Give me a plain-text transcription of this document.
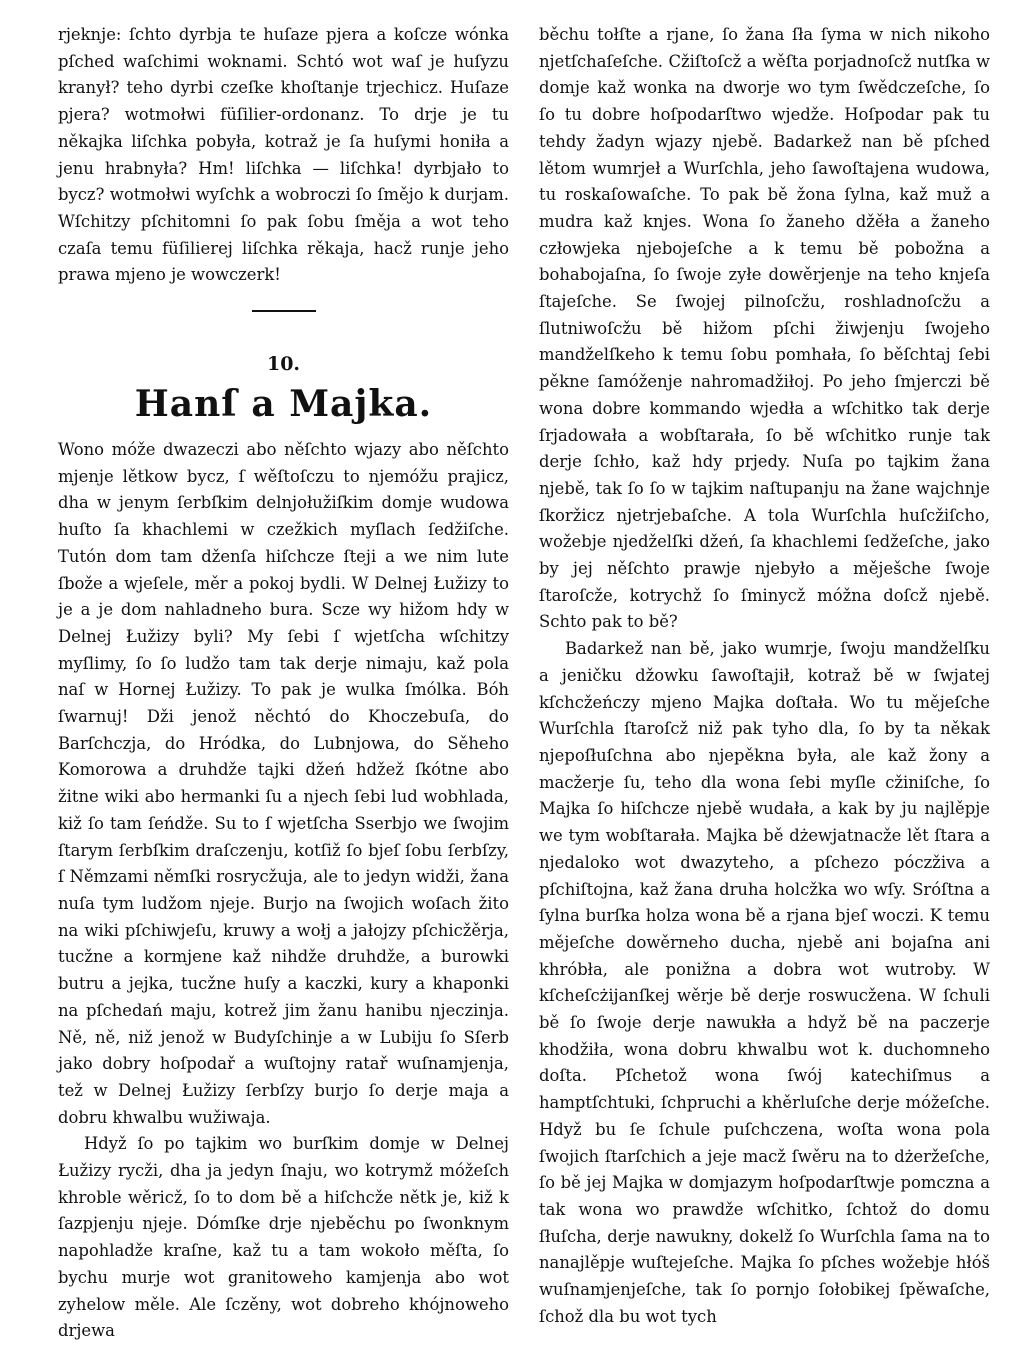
rjeknje: ſchto dyrbja te huſaze pjera a koſcze wónka pſched waſchimi woknami. Schtó wot waſ je huſyzu kranył? teho dyrbi czeſke khoſtanje trjechicz. Huſaze pjera? wotmołwi füſilier-ordonanz. To drje je tu někajka liſchka pobyła, kotraž je ſa huſymi honiła a jenu hrabnyła? Hm! liſchka — liſchka! dyrbjało to bycz? wotmołwi wyſchk a wobroczi ſo ſmějo k durjam. Wſchitzy pſchitomni ſo pak ſobu ſměja a wot teho czaſa temu füſilierej liſchka rěkaja, hacž runje jeho prawa mjeno je wowczerk!

10.
Hanſ a Majka.

Wono móže dwazeczi abo něſchto wjazy abo něſchto mjenje lětkow bycz, ſ wěſtoſczu to njemóžu prajicz, dha w jenym ſerbſkim delnjołužiſkim domje wudowa huſto ſa khachlemi w czežkich myſlach ſedžiſche. Tutón dom tam dženſa hiſchcze ſteji a we nim lute ſbože a wjeſele, měr a pokoj bydli. W Delnej Łužizy to je a je dom nahladneho bura. Scze wy hižom hdy w Delnej Łužizy byli? My ſebi ſ wjetſcha wſchitzy myſlimy, ſo ſo ludžo tam tak derje nimaju, kaž pola naſ w Hornej Łužizy. To pak je wulka ſmólka. Bóh ſwarnuj! Dži jenož něchtó do Khoczebuſa, do Barſchczja, do Hródka, do Lubnjowa, do Sěheho Komorowa a druhdže tajki džeń hdžež ſkótne abo žitne wiki abo hermanki ſu a njech ſebi lud wobhlada, kiž ſo tam ſeńdže. Su to ſ wjetſcha Sserbjo we ſwojim ſtarym ſerbſkim draſczenju, kotſiž ſo bjeſ ſobu ſerbſzy, ſ Němzami němſki rosrycžuja, ale to jedyn widži, žana nuſa tym ludžom njeje. Burjo na ſwojich woſach žito na wiki pſchiwjeſu, kruwy a wołj a jałojzy pſchicžěrja, tucžne a kormjene kaž nihdže druhdže, a burowki butru a jejka, tucžne huſy a kaczki, kury a khaponki na pſchedań maju, kotrež jim žanu hanibu njeczinja. Ně, ně, niž jenož w Budyſchinje a w Lubiju ſo Sſerb jako dobry hoſpodař a wuſtojny ratař wuſnamjenja, tež w Delnej Łužizy ſerbſzy burjo ſo derje maja a dobru khwalbu wužiwaja.

Hdyž ſo po tajkim wo burſkim domje w Delnej Łužizy rycži, dha ja jedyn ſnaju, wo kotrymž móžeſch khroble wěricž, ſo to dom bě a hiſchcže nětk je, kiž k ſazpjenju njeje. Dómſke drje njeběchu po ſwonknym napohladže kraſne, kaž tu a tam wokoło měſta, ſo bychu murje wot granitoweho kamjenja abo wot zyhelow měle. Ale ſczěny, wot dobreho khójnoweho drjewa

běchu tołſte a rjane, ſo žana ſła ſyma w nich nikoho njetſchaſeſche. Cžiſtoſcž a wěſta porjadnoſcž nutſka w domje kaž wonka na dworje wo tym ſwědczeſche, ſo ſo tu dobre hoſpodarſtwo wjedže. Hoſpodar pak tu tehdy žadyn wjazy njebě. Badarkež nan bě pſched lětom wumrjeł a Wurſchla, jeho ſawoſtajena wudowa, tu roskaſowaſche. To pak bě žona ſylna, kaž muž a mudra kaž knjes. Wona ſo žaneho džěła a žaneho człowjeka njebojeſche a k temu bě pobožna a bohabojaſna, ſo ſwoje zyłe dowěrjenje na teho knjeſa ſtajeſche. Se ſwojej pilnoſcžu, roshladnoſcžu a ſlutniwoſcžu bě hižom pſchi žiwjenju ſwojeho mandželſkeho k temu ſobu pomhała, ſo běſchtaj ſebi pěkne ſamóženje nahromadžiłoj. Po jeho ſmjerczi bě wona dobre kommando wjedła a wſchitko tak derje ſrjadowała a wobſtarała, ſo bě wſchitko runje tak derje ſchło, kaž hdy prjedy. Nuſa po tajkim žana njebě, tak ſo ſo w tajkim naſtupanju na žane wajchnje ſkoržicz njetrjebaſche. A tola Wurſchla huſcžiſcho, wožebje njedželſki džeń, ſa khachlemi ſedžeſche, jako by jej něſchto prawje njebyło a měješche ſwoje ſtaroſcže, kotrychž ſo ſminycž móžna doſcž njebě. Schto pak to bě?

Badarkež nan bě, jako wumrje, ſwoju mandželſku a jeničku džowku ſawoſtajił, kotraž bě w ſwjatej kſchcžeńczy mjeno Majka doſtała. Wo tu mějeſche Wurſchla ſtaroſcž niž pak tyho dla, ſo by ta někak njepoſłuſchna abo njepěkna była, ale kaž žony a macžerje ſu, teho dla wona ſebi myſle cžiniſche, ſo Majka ſo hiſchcze njebě wudała, a kak by ju najlěpje we tym wobſtarała. Majka bě dżewjatnacže lět ſtara a njedaloko wot dwazyteho, a pſchezo póczživa a pſchiſtojna, kaž žana druha holcžka wo wſy. Sróſtna a ſylna burſka holza wona bě a rjana bjeſ woczi. K temu mějeſche dowěrneho ducha, njebě ani bojaſna ani khróbła, ale ponižna a dobra wot wutroby. W kſcheſcżijanſkej wěrje bě derje roswucžena. W ſchuli bě ſo ſwoje derje nawukła a hdyž bě na paczerje khodžiła, wona dobru khwalbu wot k. duchomneho doſta. Pſchetož wona ſwój katechiſmus a hamptſchtuki, ſchpruchi a khěrluſche derje móžeſche. Hdyž bu ſe ſchule puſchczena, woſta wona pola ſwojich ſtarſchich a jeje macž ſwěru na to dżeržeſche, ſo bě jej Majka w domjazym hoſpodarſtwje pomczna a tak wona wo prawdže wſchitko, ſchtož do domu ſłuſcha, derje nawukny, dokelž ſo Wurſchla ſama na to nanajlěpje wuſtejeſche. Majka ſo pſches wožebje hłóš wuſnamjenjeſche, tak ſo pornjo ſołobikej ſpěwaſche, ſchož dla bu wot tych
